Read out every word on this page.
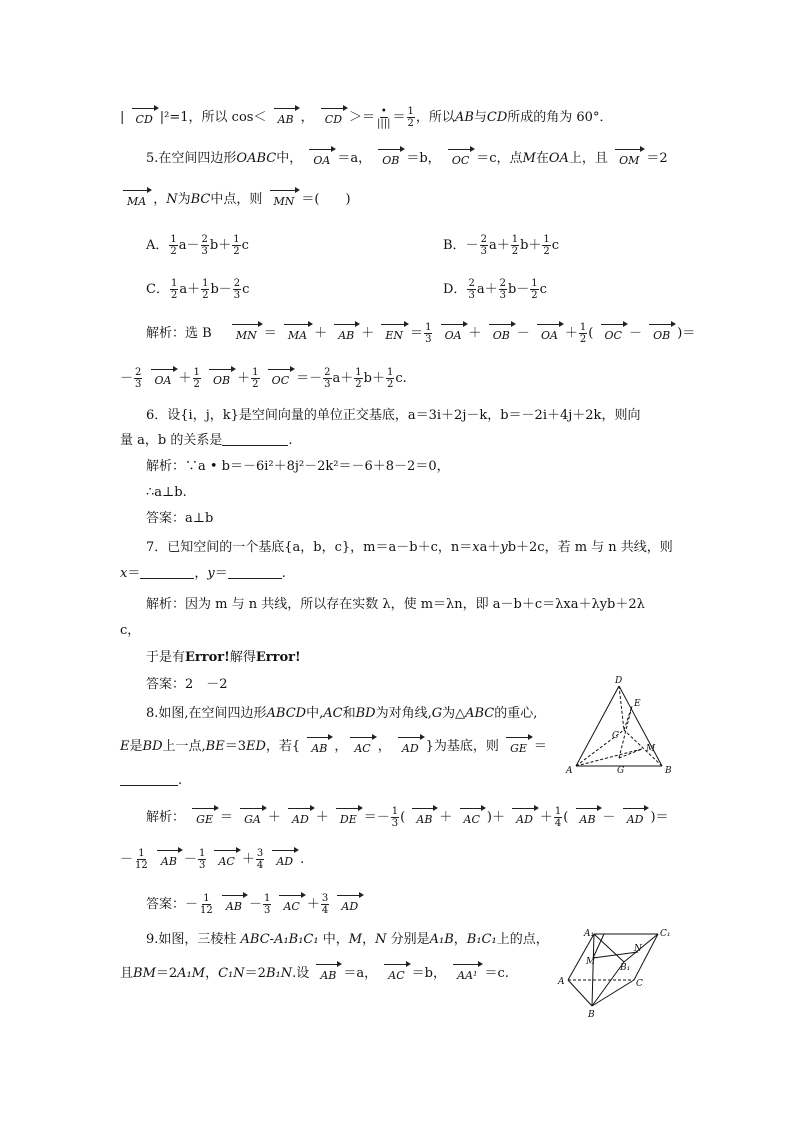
| CD |²=1，所以 cos＜ AB ， CD ＞＝ •
|||| ＝ $\frac{1}{2}$ ，所以AB与CD所成的角为 60°．
5.在空间四边形OABC中， OA ＝a， OB ＝b， OC ＝c，点M在OA上，且 OM ＝2
MA ，N为BC中点，则 MN ＝(　　)
A． $\frac{1}{2} a- \frac{2}{3} b+ \frac{1}{2}$ c	B．－ $\frac{2}{3} a+ \frac{1}{2} b+ \frac{1}{2}$ c
C． $\frac{1}{2} a+ \frac{1}{2} b- \frac{2}{3}$ c	D． $\frac{2}{3} a+ \frac{2}{3} b- \frac{1}{2}$ c
解析：选 B　 MN ＝ MA ＋ AB ＋ EN ＝ $\frac{1}{3}$ OA ＋ OB － OA ＋ $\frac{1}{2}$ ( OC － OB )＝
－ $\frac{2}{3}$ OA ＋ $\frac{1}{2}$ OB ＋ $\frac{1}{2}$ OC ＝－ $\frac{2}{3} a+ \frac{1}{2} b+ \frac{1}{2} c$.
6．设{i，j，k}是空间向量的单位正交基底，a＝3i＋2j－k，b＝－2i＋4j＋2k，则向
量 a，b 的关系是	.
解析：∵a • b＝－6i²＋8j²－2k²＝－6＋8－2＝0，
∴a⊥b.
答案：a⊥b
7．已知空间的一个基底{a，b，c}，m＝a－b＋c，n＝xa＋yb＋2c，若 m 与 n 共线，则
x＝	，y＝	.
解析：因为 m 与 n 共线，所以存在实数 λ，使 m＝λn，即 a－b＋c＝λxa＋λyb＋2λ
c，
于是有Error!解得Error!
答案：2　－2
8.如图,在空间四边形ABCD中,AC和BD为对角线,G为△ABC的重心,
E是BD上一点,BE＝3ED，若{ AB ， AC ， AD }为基底，则 GE ＝
.
解析： GE ＝ GA ＋ AD ＋ DE ＝－ $\frac{1}{3}$ ( AB ＋ AC )＋ AD ＋ $\frac{1}{4}$ ( AB － AD )＝
－ $\frac{1}{12}$ AB － $\frac{1}{3}$ AC ＋ $\frac{3}{4}$ AD .
答案：－ $\frac{1}{12}$ AB － $\frac{1}{3}$ AC ＋ $\frac{3}{4}$ AD
9.如图，三棱柱 ABC-A₁B₁C₁ 中，M，N 分别是A₁B，B₁C₁上的点，
且BM＝2A₁M，C₁N＝2B₁N.设 AB ＝a， AC ＝b， AA¹ ＝c.
D
E
C
M
G
A	B
A₁	C₁
M
N
B₁
A	C
B
